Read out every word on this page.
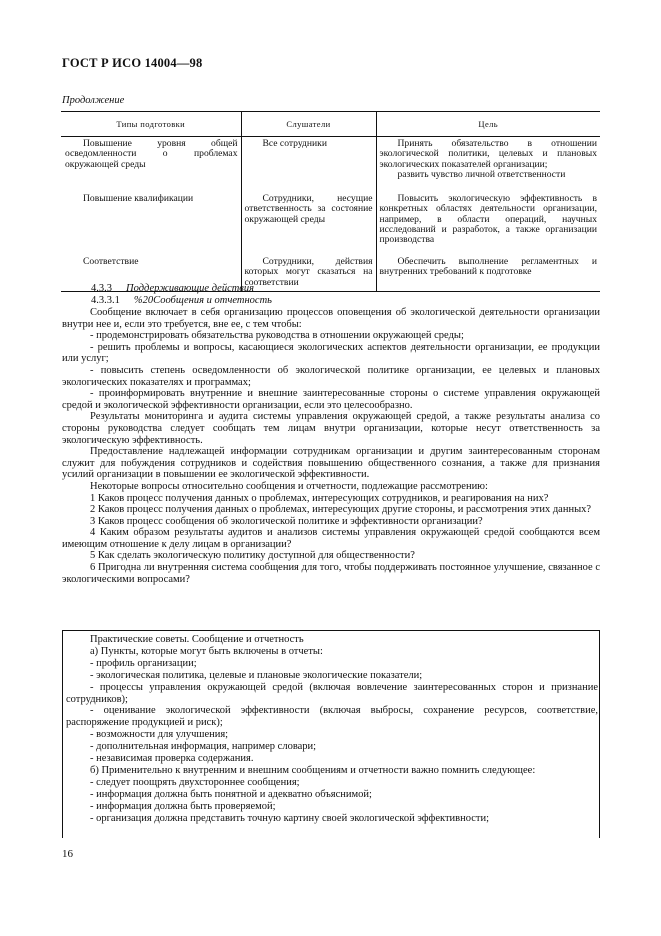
ГОСТ Р ИСО 14004—98
Продолжение
Типы подготовки	Слушатели	Цель

Повышение уровня общей осведомленности о проблемах окружающей среды	Все сотрудники	Принять обязательство в отношении экологической политики, целевых и плановых экологических показателей организации;
развить чувство личной ответственности

Повышение квалификации	Сотрудники, несущие ответственность за состояние окружающей среды	Повысить экологическую эффективность в конкретных областях деятельности организации, например, в области операций, научных исследований и разработок, а также организации производства

Соответствие	Сотрудники, действия которых могут сказаться на соответствии	Обеспечить выполнение регламентных и внутренних требований к подготовке
4.3.3 Поддерживающие действия
4.3.3.1 %20Сообщения и отчетность

Сообщение включает в себя организацию процессов оповещения об экологической деятельности организации внутри нее и, если это требуется, вне ее, с тем чтобы:

- продемонстрировать обязательства руководства в отношении окружающей среды;

- решить проблемы и вопросы, касающиеся экологических аспектов деятельности организации, ее продукции или услуг;

- повысить степень осведомленности об экологической политике организации, ее целевых и плановых экологических показателях и программах;

- проинформировать внутренние и внешние заинтересованные стороны о системе управления окружающей средой и экологической эффективности организации, если это целесообразно.

Результаты мониторинга и аудита системы управления окружающей средой, а также результаты анализа со стороны руководства следует сообщать тем лицам внутри организации, которые несут ответственность за экологическую эффективность.

Предоставление надлежащей информации сотрудникам организации и другим заинтересованным сторонам служит для побуждения сотрудников и содействия повышению общественного сознания, а также для признания усилий организации в повышении ее экологической эффективности.

Некоторые вопросы относительно сообщения и отчетности, подлежащие рассмотрению:

1 Каков процесс получения данных о проблемах, интересующих сотрудников, и реагирования на них?

2 Каков процесс получения данных о проблемах, интересующих другие стороны, и рассмотрения этих данных?

3 Каков процесс сообщения об экологической политике и эффективности организации?

4 Каким образом результаты аудитов и анализов системы управления окружающей средой сообщаются всем имеющим отношение к делу лицам в организации?

5 Как сделать экологическую политику доступной для общественности?

6 Пригодна ли внутренняя система сообщения для того, чтобы поддерживать постоянное улучшение, связанное с экологическими вопросами?

Практические советы. Сообщение и отчетность

а) Пункты, которые могут быть включены в отчеты:

- профиль организации;

- экологическая политика, целевые и плановые экологические показатели;

- процессы управления окружающей средой (включая вовлечение заинтересованных сторон и признание сотрудников);

- оценивание экологической эффективности (включая выбросы, сохранение ресурсов, соответствие, распоряжение продукцией и риск);

- возможности для улучшения;

- дополнительная информация, например словари;

- независимая проверка содержания.

б) Применительно к внутренним и внешним сообщениям и отчетности важно помнить следующее:

- следует поощрять двухстороннее сообщения;

- информация должна быть понятной и адекватно объяснимой;

- информация должна быть проверяемой;

- организация должна представить точную картину своей экологической эффективности;

16
